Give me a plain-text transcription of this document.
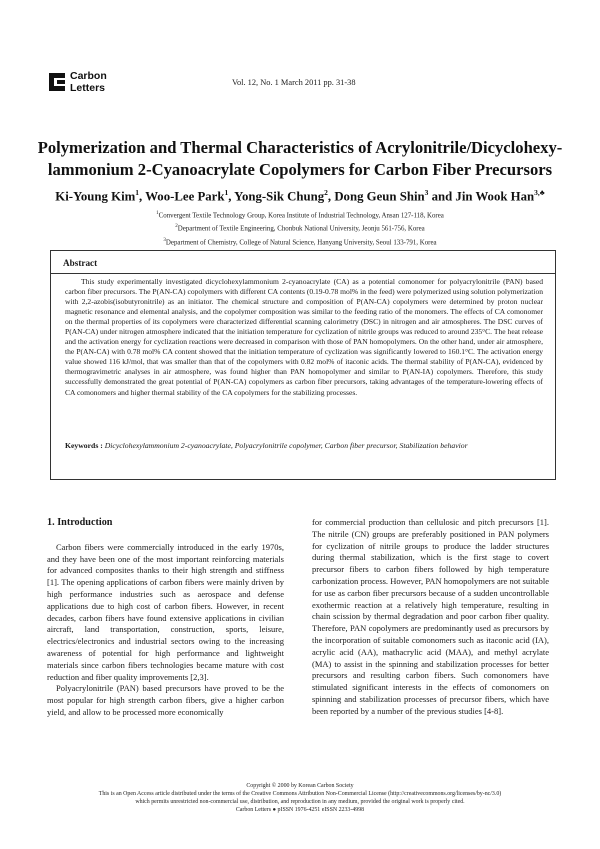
Carbon
Letters	Vol. 12, No. 1 March 2011 pp. 31-38
Polymerization and Thermal Characteristics of Acrylonitrile/Dicyclohexy-
lammonium 2-Cyanoacrylate Copolymers for Carbon Fiber Precursors
Ki-Young Kim$^1$, Woo-Lee Park$^1$, Yong-Sik Chung$^2$, Dong Geun Shin$^3$ and Jin Wook Han$^{3,♣}$
$^1$Convergent Textile Technology Group, Korea Institute of Industrial Technology, Ansan 127-118, Korea
$^2$Department of Textile Engineering, Chonbuk National University, Jeonju 561-756, Korea
$^3$Department of Chemistry, College of Natural Science, Hanyang University, Seoul 133-791, Korea
Abstract
This study experimentally investigated dicyclohexylammonium 2-cyanoacrylate (CA) as a potential comonomer for polyacrylonitrile (PAN) based carbon fiber precursors. The P(AN-CA) copolymers with different CA contents (0.19-0.78 mol% in the feed) were polymerized using solution polymerization with 2,2-azobis(isobutyronitrile) as an initiator. The chemical structure and composition of P(AN-CA) copolymers were determined by proton nuclear magnetic resonance and elemental analysis, and the copolymer composition was similar to the feeding ratio of the monomers. The effects of CA comonomer on the thermal properties of its copolymers were characterized differential scanning calorimetry (DSC) in nitrogen and air atmospheres. The DSC curves of P(AN-CA) under nitrogen atmosphere indicated that the initiation temperature for cyclization of nitrile groups was reduced to around 235°C. The heat release and the activation energy for cyclization reactions were decreased in comparison with those of PAN homopolymers. On the other hand, under air atmosphere, the P(AN-CA) with 0.78 mol% CA content showed that the initiation temperature of cyclization was significantly lowered to 160.1°C. The activation energy value showed 116 kJ/mol, that was smaller than that of the copolymers with 0.82 mol% of itaconic acids. The thermal stability of P(AN-CA), evidenced by thermogravimetric analyses in air atmosphere, was found higher than PAN homopolymer and similar to P(AN-IA) copolymers. Therefore, this study successfully demonstrated the great potential of P(AN-CA) copolymers as carbon fiber precursors, taking advantages of the temperature-lowering effects of CA comonomers and higher thermal stability of the CA copolymers for the stabilizing processes.
Keywords : Dicyclohexylammonium 2-cyanoacrylate, Polyacrylonitrile copolymer, Carbon fiber precursor, Stabilization behavior
1. Introduction

Carbon fibers were commercially introduced in the early 1970s, and they have been one of the most important reinforcing materials for advanced composites thanks to their high strength and stiffness [1]. The opening applications of carbon fibers were mainly driven by high performance industries such as aerospace and defense applications due to high cost of carbon fibers. However, in recent decades, carbon fibers have found extensive applications in civilian aircraft, land transportation, construction, sports, leisure, electrics/electronics and industrial sectors owing to the increasing awareness of potential for high performance and lightweight materials since carbon fibers technologies became mature with cost reduction and fiber quality improvements [2,3].

Polyacrylonitrile (PAN) based precursors have proved to be the most popular for high strength carbon fibers, give a higher carbon yield, and allow to be processed more economically

for commercial production than cellulosic and pitch precursors [1]. The nitrile (CN) groups are preferably positioned in PAN polymers for cyclization of nitrile groups to produce the ladder structures during thermal stabilization, which is the first stage to covert precursor fibers to carbon fibers followed by high temperature carbonization process. However, PAN homopolymers are not suitable for use as carbon fiber precursors because of a sudden uncontrollable exothermic reaction at a relatively high temperature, resulting in chain scission by thermal degradation and poor carbon fiber quality. Therefore, PAN copolymers are predominantly used as precursors by the incorporation of suitable comonomers such as itaconic acid (IA), acrylic acid (AA), mathacrylic acid (MAA), and methyl acrylate (MA) to assist in the spinning and stabilization processes for better precursors and resulting carbon fibers. Such comonomers have stimulated significant interests in the effects of comonomers on spinning and stabilization processes of precursor fibers, which have been reported by a number of the previous studies [4-8].

Copyright © 2000 by Korean Carbon Society
This is an Open Access article distributed under the terms of the Creative Commons Attribution Non-Commercial License (http://creativecommons.org/licenses/by-nc/3.0)
which permits unrestricted non-commercial use, distribution, and reproduction in any medium, provided the original work is properly cited.
Carbon Letters ● pISSN 1976-4251 eISSN 2233-4998
